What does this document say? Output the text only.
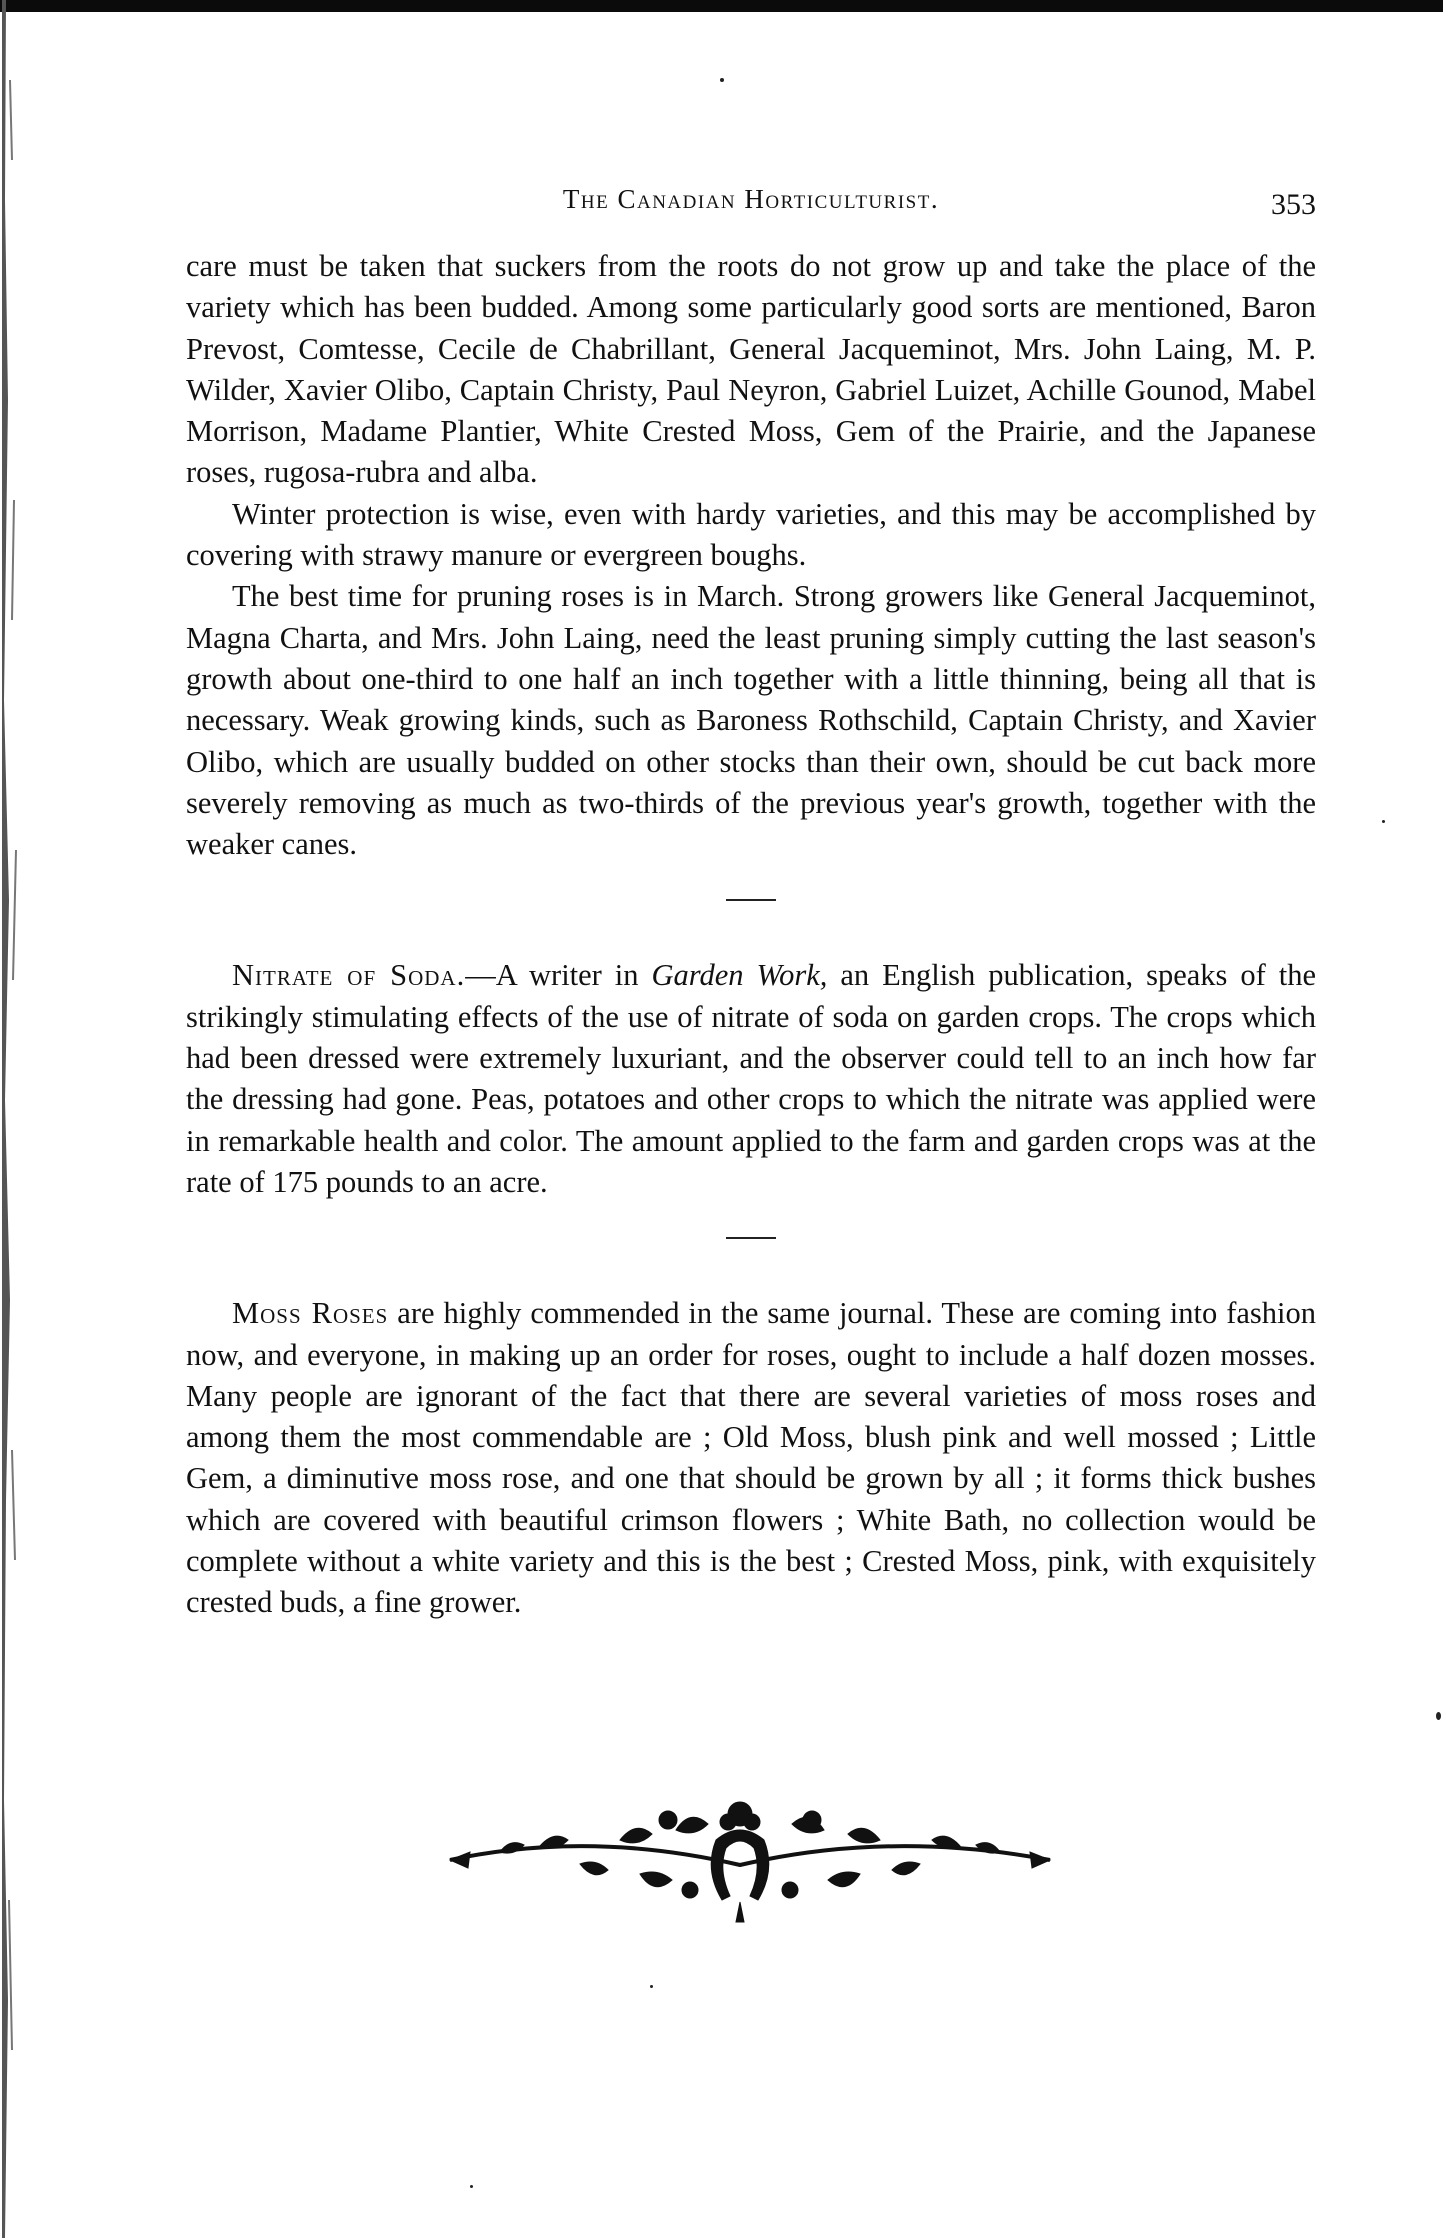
The Canadian Horticulturist.	353

care must be taken that suckers from the roots do not grow up and take the place of the variety which has been budded. Among some particularly good sorts are mentioned, Baron Prevost, Comtesse, Cecile de Chabrillant, General Jacqueminot, Mrs. John Laing, M. P. Wilder, Xavier Olibo, Captain Christy, Paul Neyron, Gabriel Luizet, Achille Gounod, Mabel Morrison, Madame Plantier, White Crested Moss, Gem of the Prairie, and the Japanese roses, rugosa-rubra and alba.

Winter protection is wise, even with hardy varieties, and this may be accomplished by covering with strawy manure or evergreen boughs.

The best time for pruning roses is in March. Strong growers like General Jacqueminot, Magna Charta, and Mrs. John Laing, need the least pruning simply cutting the last season's growth about one-third to one half an inch together with a little thinning, being all that is necessary. Weak growing kinds, such as Baroness Rothschild, Captain Christy, and Xavier Olibo, which are usually budded on other stocks than their own, should be cut back more severely removing as much as two-thirds of the previous year's growth, together with the weaker canes.

Nitrate of Soda.—A writer in Garden Work, an English publication, speaks of the strikingly stimulating effects of the use of nitrate of soda on garden crops. The crops which had been dressed were extremely luxuriant, and the observer could tell to an inch how far the dressing had gone. Peas, potatoes and other crops to which the nitrate was applied were in remarkable health and color. The amount applied to the farm and garden crops was at the rate of 175 pounds to an acre.

Moss Roses are highly commended in the same journal. These are coming into fashion now, and everyone, in making up an order for roses, ought to include a half dozen mosses. Many people are ignorant of the fact that there are several varieties of moss roses and among them the most commendable are ; Old Moss, blush pink and well mossed ; Little Gem, a diminutive moss rose, and one that should be grown by all ; it forms thick bushes which are covered with beautiful crimson flowers ; White Bath, no collection would be complete without a white variety and this is the best ; Crested Moss, pink, with exquisitely crested buds, a fine grower.
